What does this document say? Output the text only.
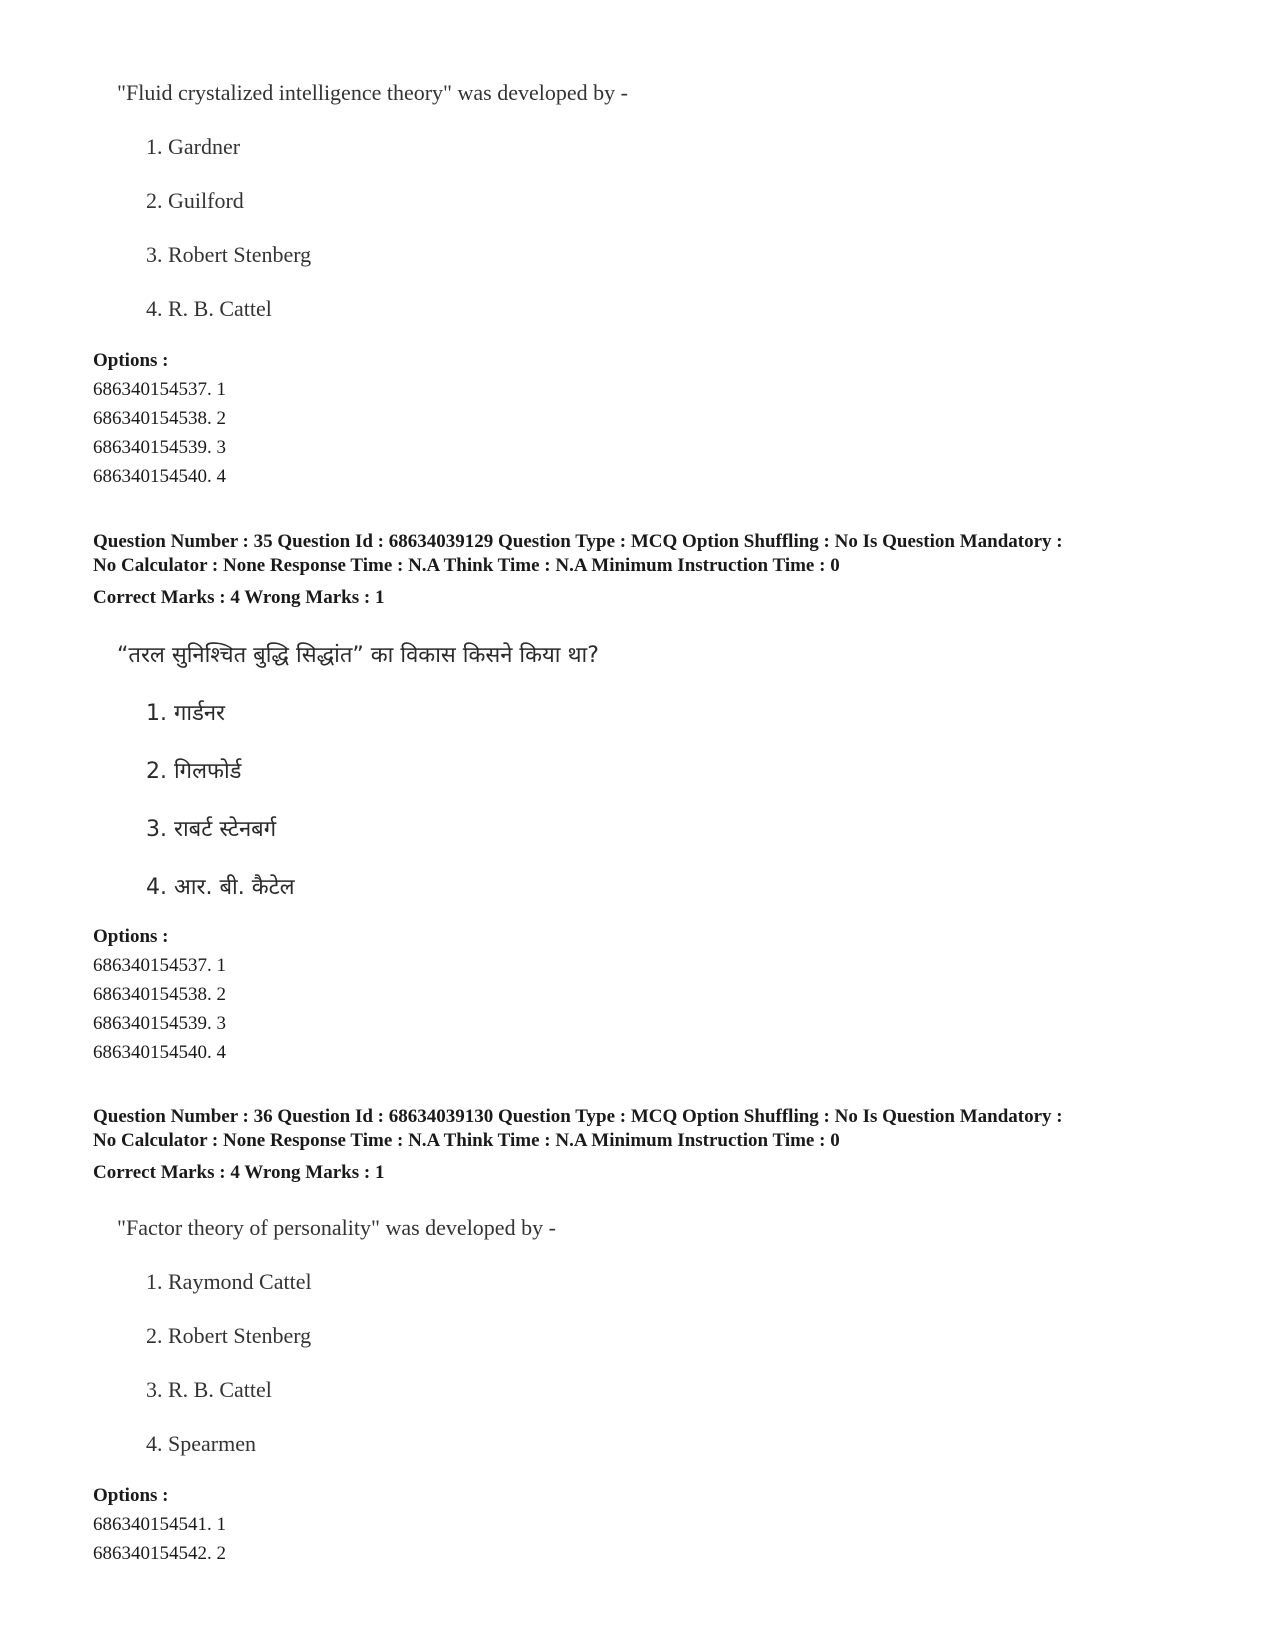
"Fluid crystalized intelligence theory" was developed by -
1. Gardner
2. Guilford
3. Robert Stenberg
4. R. B. Cattel
Options :
686340154537. 1
686340154538. 2
686340154539. 3
686340154540. 4
Question Number : 35 Question Id : 68634039129 Question Type : MCQ Option Shuffling : No Is Question Mandatory :
No Calculator : None Response Time : N.A Think Time : N.A Minimum Instruction Time : 0
Correct Marks : 4 Wrong Marks : 1
“तरल सुनिश्चित बुद्धि सिद्धांत” का विकास किसने किया था?
1. गार्डनर
2. गिलफोर्ड
3. राबर्ट स्टेनबर्ग
4. आर. बी. कैटेल
Options :
686340154537. 1
686340154538. 2
686340154539. 3
686340154540. 4
Question Number : 36 Question Id : 68634039130 Question Type : MCQ Option Shuffling : No Is Question Mandatory :
No Calculator : None Response Time : N.A Think Time : N.A Minimum Instruction Time : 0
Correct Marks : 4 Wrong Marks : 1
"Factor theory of personality" was developed by -
1. Raymond Cattel
2. Robert Stenberg
3. R. B. Cattel
4. Spearmen
Options :
686340154541. 1
686340154542. 2
